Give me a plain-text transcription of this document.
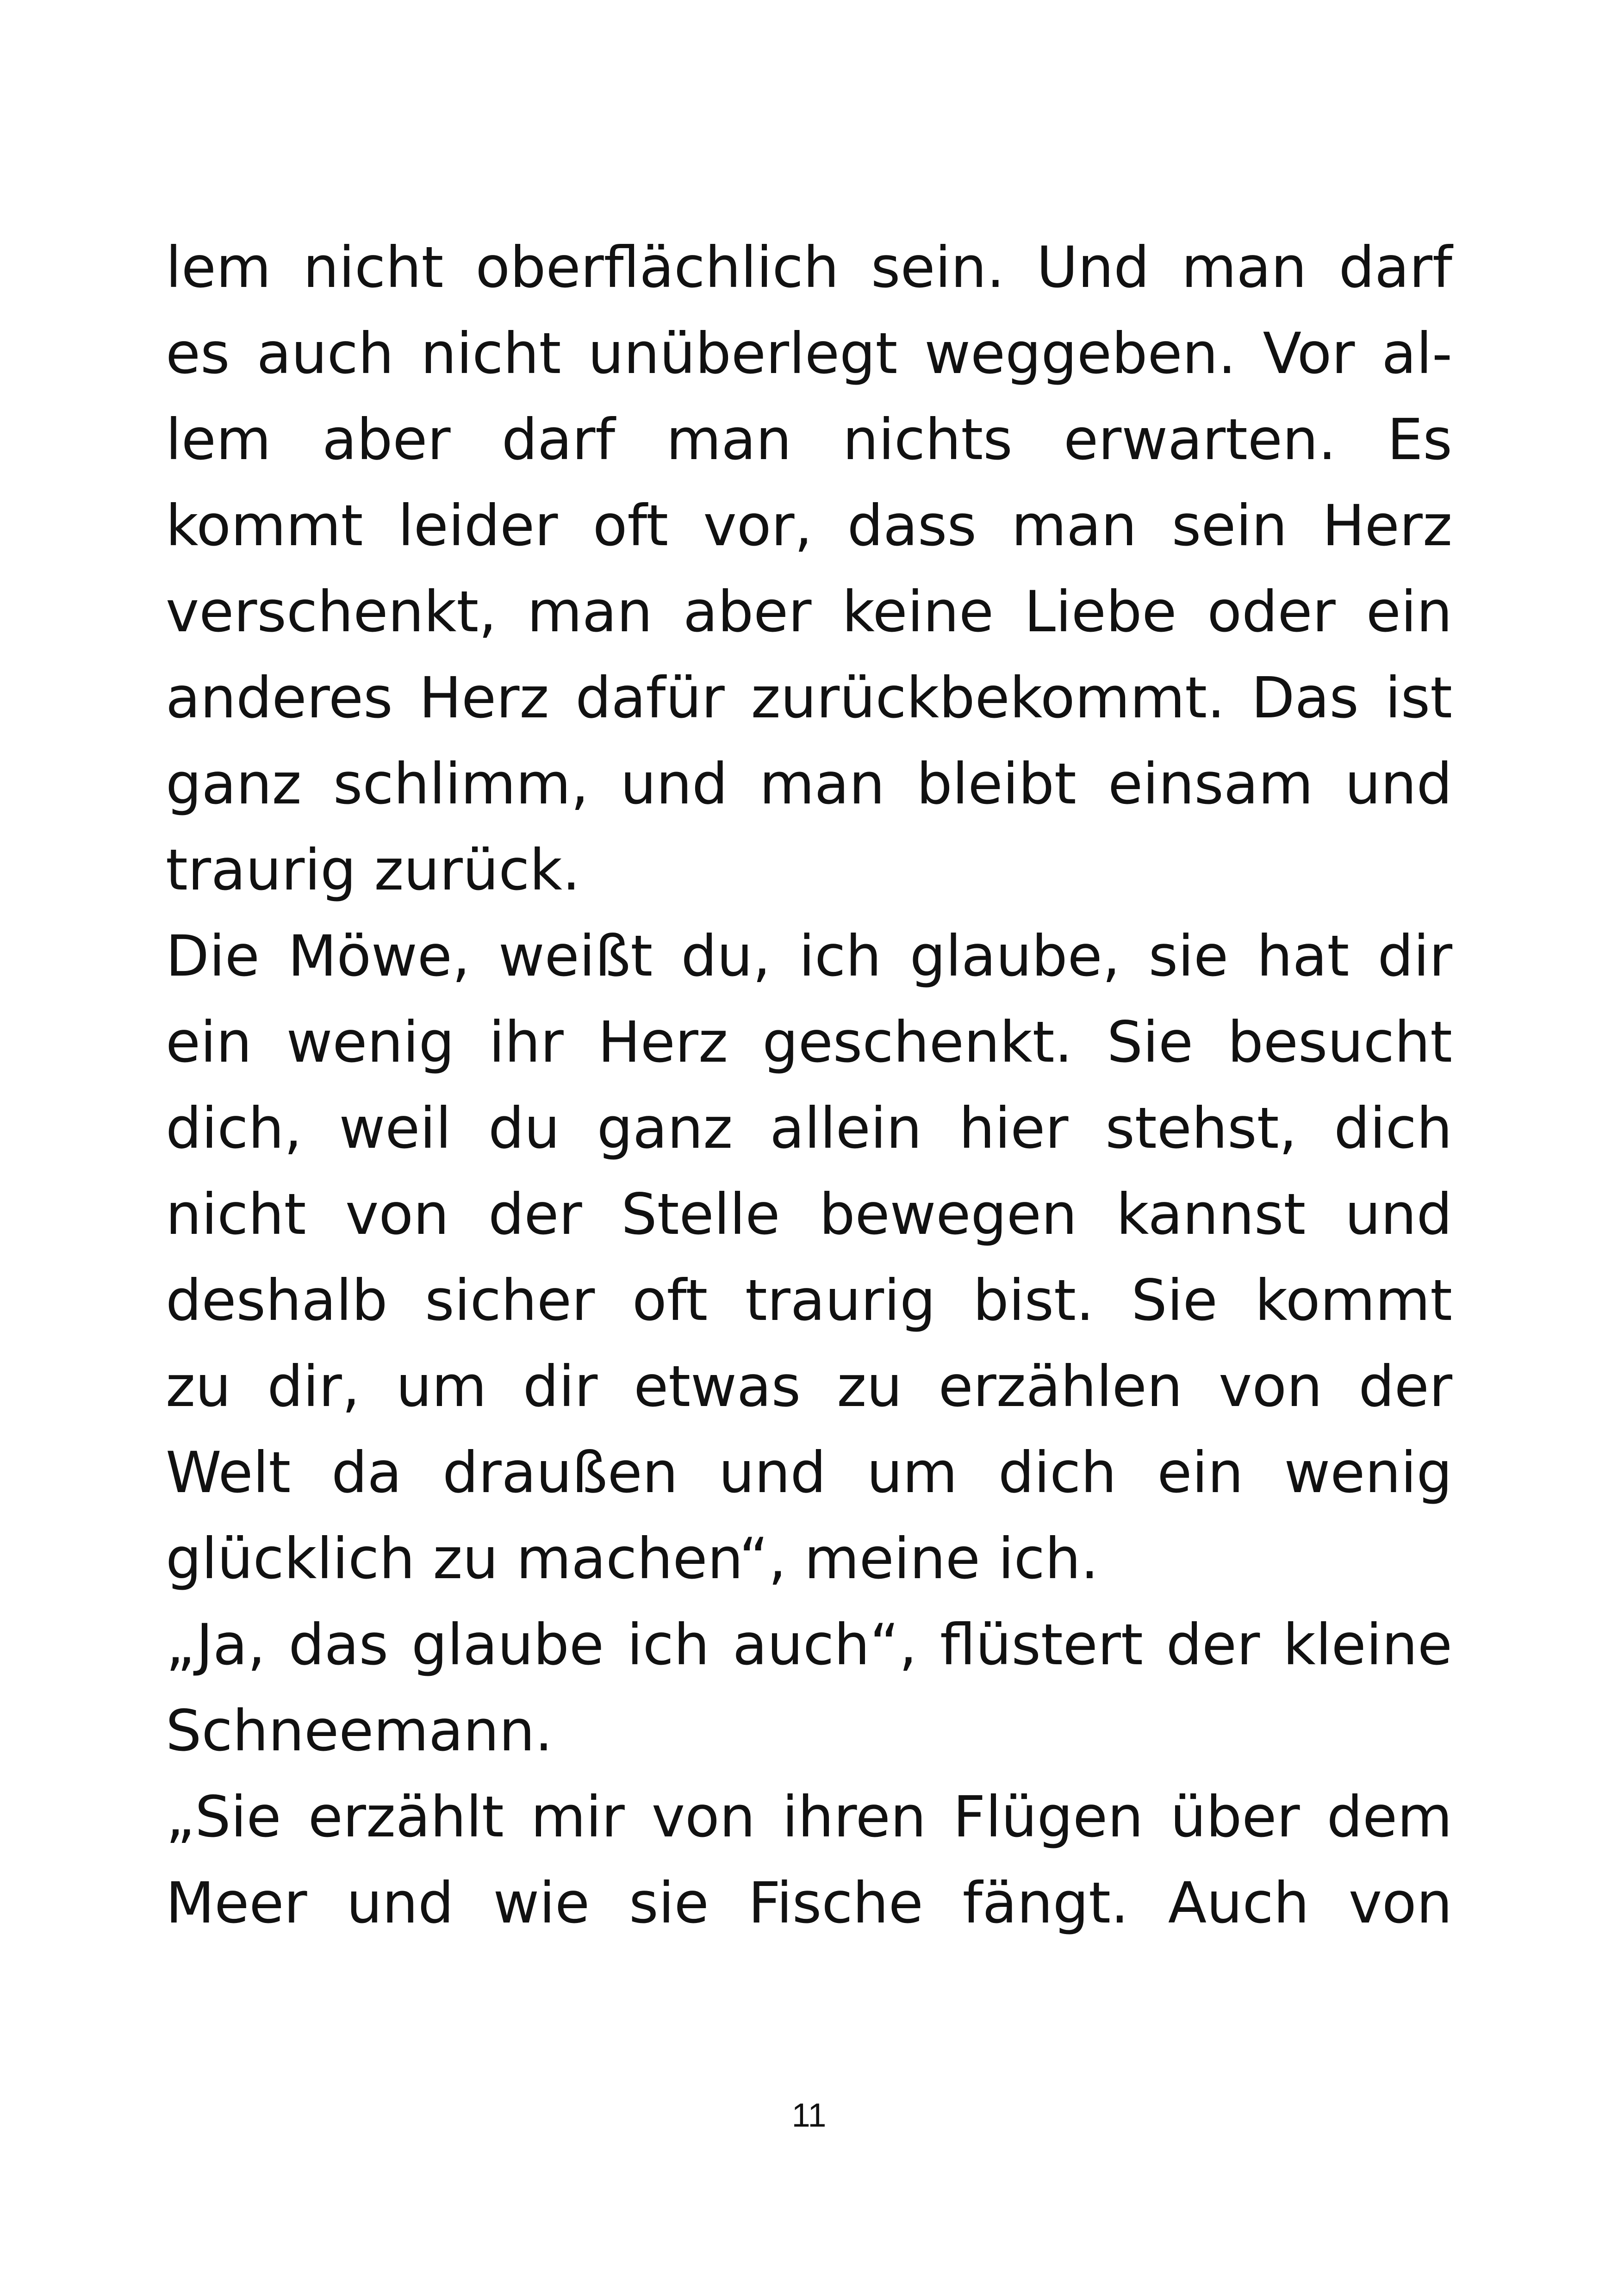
lem nicht oberflächlich sein. Und man darf
es auch nicht unüberlegt weggeben. Vor al-
lem aber darf man nichts erwarten. Es
kommt leider oft vor, dass man sein Herz
verschenkt, man aber keine Liebe oder ein
anderes Herz dafür zurückbekommt. Das ist
ganz schlimm, und man bleibt einsam und
traurig zurück.
Die Möwe, weißt du, ich glaube, sie hat dir
ein wenig ihr Herz geschenkt. Sie besucht
dich, weil du ganz allein hier stehst, dich
nicht von der Stelle bewegen kannst und
deshalb sicher oft traurig bist. Sie kommt
zu dir, um dir etwas zu erzählen von der
Welt da draußen und um dich ein wenig
glücklich zu machen“, meine ich.
„Ja, das glaube ich auch“, flüstert der kleine
Schneemann.
„Sie erzählt mir von ihren Flügen über dem
Meer und wie sie Fische fängt. Auch von
11
